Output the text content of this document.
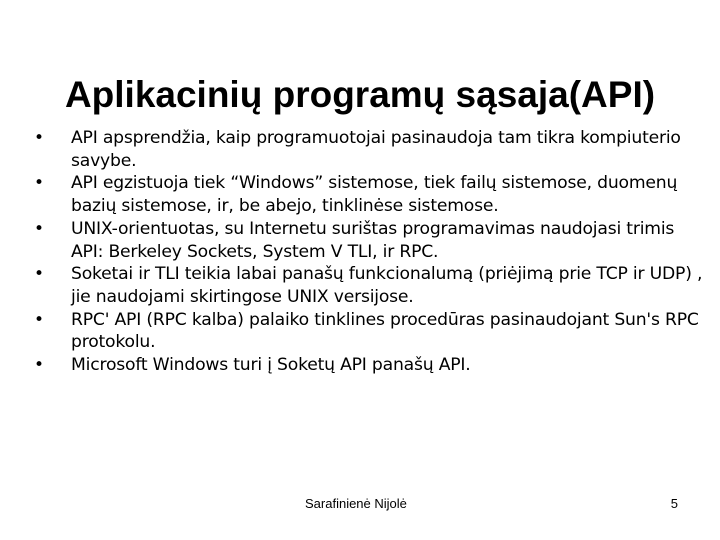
Aplikacinių programų sąsaja(API)
•	API apsprendžia, kaip programuotojai pasinaudoja tam tikra kompiuterio savybe.
•	API egzistuoja tiek “Windows” sistemose, tiek failų sistemose, duomenų bazių sistemose, ir, be abejo, tinklinėse sistemose.
•	UNIX-orientuotas, su Internetu surištas programavimas naudojasi trimis API: Berkeley Sockets, System V TLI, ir RPC.
•	Soketai ir TLI teikia labai panašų funkcionalumą (priėjimą prie TCP ir UDP) , jie naudojami skirtingose UNIX versijose.
•	RPC' API (RPC kalba) palaiko tinklines procedūras pasinaudojant Sun's RPC protokolu.
•	Microsoft Windows turi į Soketų API panašų API.
Sarafinienė Nijolė	5
